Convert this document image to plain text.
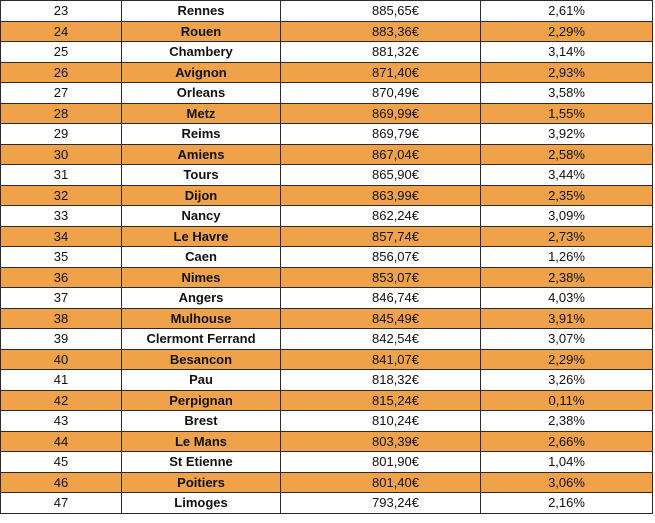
23	Rennes	885,65€	2,61%
24	Rouen	883,36€	2,29%
25	Chambery	881,32€	3,14%
26	Avignon	871,40€	2,93%
27	Orleans	870,49€	3,58%
28	Metz	869,99€	1,55%
29	Reims	869,79€	3,92%
30	Amiens	867,04€	2,58%
31	Tours	865,90€	3,44%
32	Dijon	863,99€	2,35%
33	Nancy	862,24€	3,09%
34	Le Havre	857,74€	2,73%
35	Caen	856,07€	1,26%
36	Nimes	853,07€	2,38%
37	Angers	846,74€	4,03%
38	Mulhouse	845,49€	3,91%
39	Clermont Ferrand	842,54€	3,07%
40	Besancon	841,07€	2,29%
41	Pau	818,32€	3,26%
42	Perpignan	815,24€	0,11%
43	Brest	810,24€	2,38%
44	Le Mans	803,39€	2,66%
45	St Etienne	801,90€	1,04%
46	Poitiers	801,40€	3,06%
47	Limoges	793,24€	2,16%
